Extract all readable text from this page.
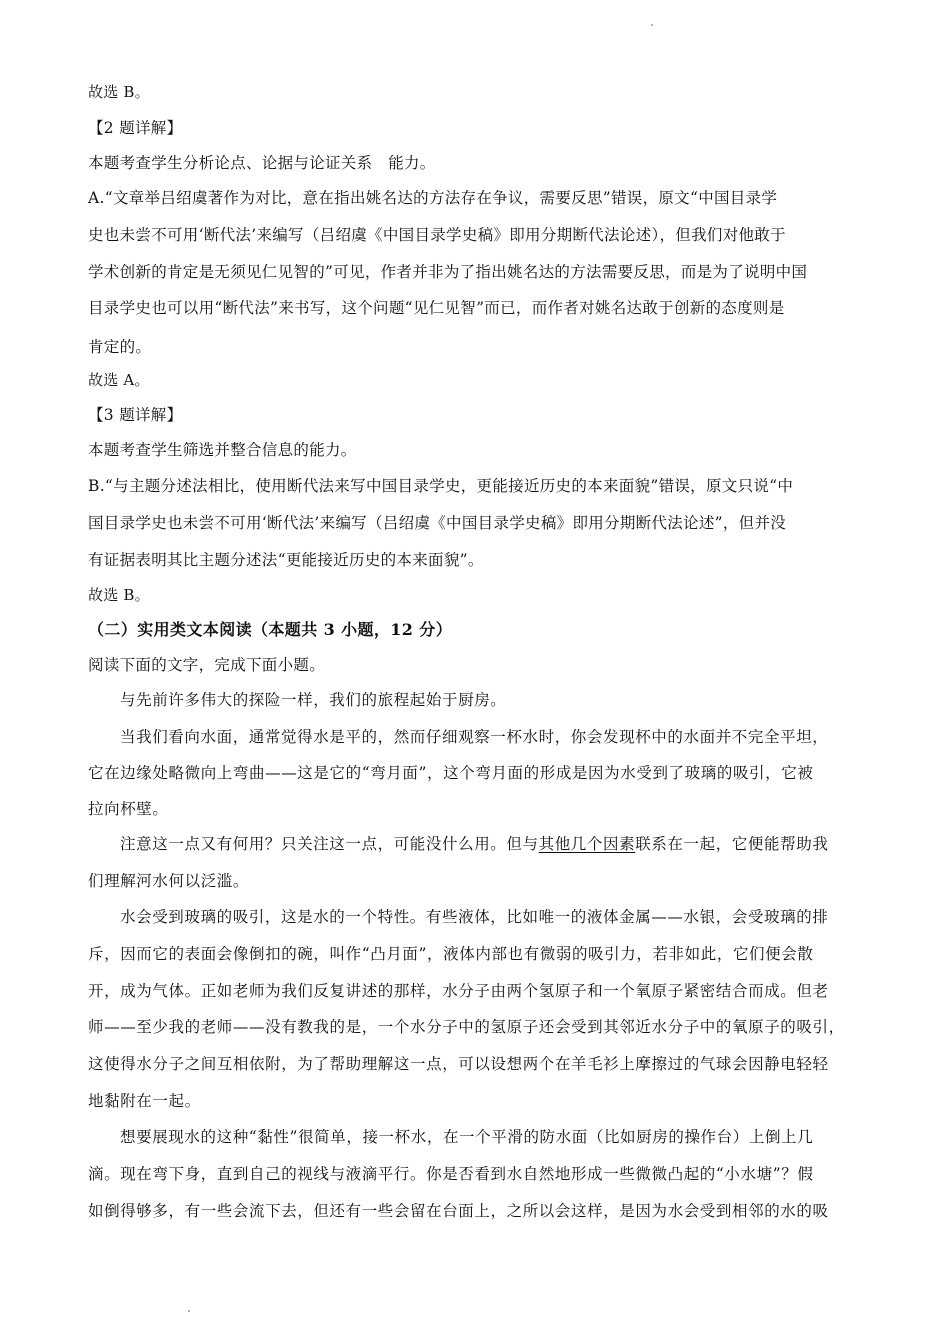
故选 B。
【2 题详解】
本题考查学生分析论点、论据与论证关系　能力。
A.“文章举吕绍虞著作为对比，意在指出姚名达的方法存在争议，需要反思”错误，原文“中国目录学
史也未尝不可用‘断代法’来编写（吕绍虞《中国目录学史稿》即用分期断代法论述），但我们对他敢于
学术创新的肯定是无须见仁见智的”可见，作者并非为了指出姚名达的方法需要反思，而是为了说明中国
目录学史也可以用“断代法”来书写，这个问题“见仁见智”而已，而作者对姚名达敢于创新的态度则是
肯定的。
故选 A。
【3 题详解】
本题考查学生筛选并整合信息的能力。
B.“与主题分述法相比，使用断代法来写中国目录学史，更能接近历史的本来面貌”错误，原文只说“中
国目录学史也未尝不可用‘断代法’来编写（吕绍虞《中国目录学史稿》即用分期断代法论述”，但并没
有证据表明其比主题分述法“更能接近历史的本来面貌”。
故选 B。
（二）实用类文本阅读（本题共 3 小题，12 分）
阅读下面的文字，完成下面小题。
与先前许多伟大的探险一样，我们的旅程起始于厨房。
当我们看向水面，通常觉得水是平的，然而仔细观察一杯水时，你会发现杯中的水面并不完全平坦，
它在边缘处略微向上弯曲——这是它的“弯月面”，这个弯月面的形成是因为水受到了玻璃的吸引，它被
拉向杯壁。
注意这一点又有何用？只关注这一点，可能没什么用。但与其他几个因素联系在一起，它便能帮助我
们理解河水何以泛滥。
水会受到玻璃的吸引，这是水的一个特性。有些液体，比如唯一的液体金属——水银，会受玻璃的排
斥，因而它的表面会像倒扣的碗，叫作“凸月面”，液体内部也有微弱的吸引力，若非如此，它们便会散
开，成为气体。正如老师为我们反复讲述的那样，水分子由两个氢原子和一个氧原子紧密结合而成。但老
师——至少我的老师——没有教我的是，一个水分子中的氢原子还会受到其邻近水分子中的氧原子的吸引，
这使得水分子之间互相依附，为了帮助理解这一点，可以设想两个在羊毛衫上摩擦过的气球会因静电轻轻
地黏附在一起。
想要展现水的这种“黏性”很简单，接一杯水，在一个平滑的防水面（比如厨房的操作台）上倒上几
滴。现在弯下身，直到自己的视线与液滴平行。你是否看到水自然地形成一些微微凸起的“小水塘”？假
如倒得够多，有一些会流下去，但还有一些会留在台面上，之所以会这样，是因为水会受到相邻的水的吸
